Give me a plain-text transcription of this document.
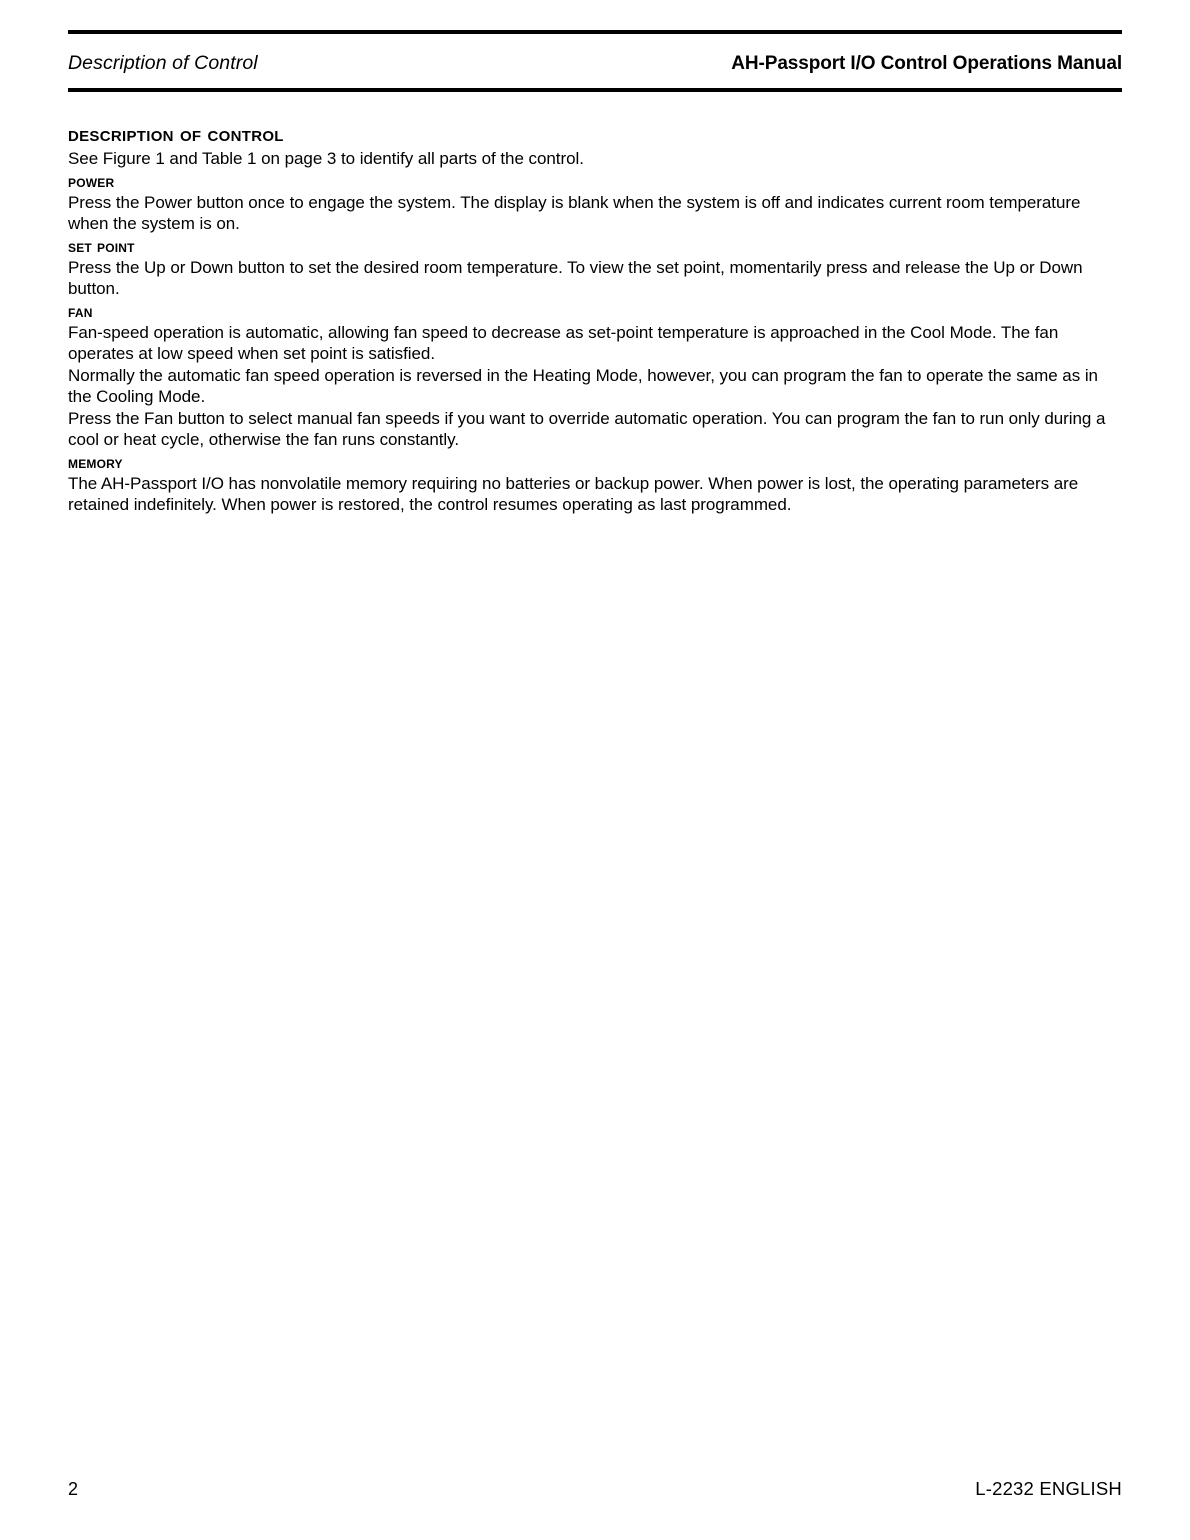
Description of Control	AH-Passport I/O Control Operations Manual
description of control

See Figure 1 and Table 1 on page 3 to identify all parts of the control.

power

Press the Power button once to engage the system. The display is blank when the system is off and indicates current room temperature when the system is on.

set point

Press the Up or Down button to set the desired room temperature. To view the set point, momentarily press and release the Up or Down button.

fan

Fan-speed operation is automatic, allowing fan speed to decrease as set-point temperature is approached in the Cool Mode. The fan operates at low speed when set point is satisfied.

Normally the automatic fan speed operation is reversed in the Heating Mode, however, you can program the fan to operate the same as in the Cooling Mode.

Press the Fan button to select manual fan speeds if you want to override automatic operation. You can program the fan to run only during a cool or heat cycle, otherwise the fan runs constantly.

memory

The AH-Passport I/O has nonvolatile memory requiring no batteries or backup power. When power is lost, the operating parameters are retained indefinitely. When power is restored, the control resumes operating as last programmed.

2	L-2232 ENGLISH
